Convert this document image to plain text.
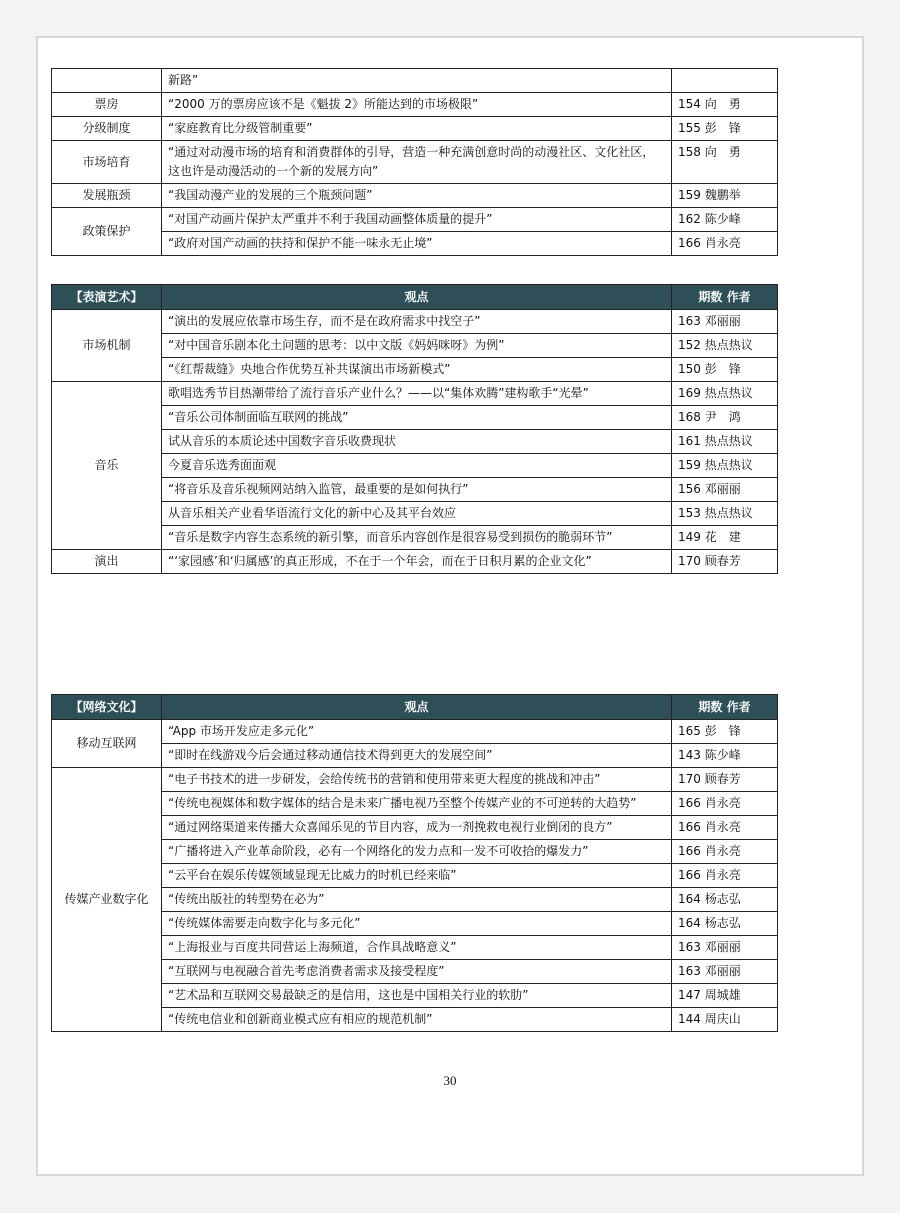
	新路”	
票房	“2000 万的票房应该不是《魁拔 2》所能达到的市场极限”	154 向　勇
分级制度	“家庭教育比分级管制重要”	155 彭　锋
市场培育	“通过对动漫市场的培育和消费群体的引导，营造一种充满创意时尚的动漫社区、文化社区，这也许是动漫活动的一个新的发展方向”	158 向　勇
发展瓶颈	“我国动漫产业的发展的三个瓶颈问题”	159 魏鹏举
政策保护	“对国产动画片保护太严重并不利于我国动画整体质量的提升”	162 陈少峰
	“政府对国产动画的扶持和保护不能一味永无止境”	166 肖永亮
【表演艺术】	观点	期数 作者
市场机制	“演出的发展应依靠市场生存，而不是在政府需求中找空子”	163 邓丽丽
	“对中国音乐剧本化土问题的思考：以中文版《妈妈咪呀》为例”	152 热点热议
	“《红帮裁缝》央地合作优势互补共谋演出市场新模式”	150 彭　锋
音乐	歌唱选秀节目热潮带给了流行音乐产业什么？——以“集体欢腾”建构歌手“光晕”	169 热点热议
	“音乐公司体制面临互联网的挑战”	168 尹　鸿
	试从音乐的本质论述中国数字音乐收费现状	161 热点热议
	今夏音乐选秀面面观	159 热点热议
	“将音乐及音乐视频网站纳入监管，最重要的是如何执行”	156 邓丽丽
	从音乐相关产业看华语流行文化的新中心及其平台效应	153 热点热议
	“音乐是数字内容生态系统的新引擎，而音乐内容创作是很容易受到损伤的脆弱环节”	149 花　建
演出	“‘家园感’和‘归属感’的真正形成，不在于一个年会，而在于日积月累的企业文化”	170 顾春芳
【网络文化】	观点	期数 作者
移动互联网	“App 市场开发应走多元化”	165 彭　锋
	“即时在线游戏今后会通过移动通信技术得到更大的发展空间”	143 陈少峰
传媒产业数字化	“电子书技术的进一步研发，会给传统书的营销和使用带来更大程度的挑战和冲击”	170 顾春芳
	“传统电视媒体和数字媒体的结合是未来广播电视乃至整个传媒产业的不可逆转的大趋势”	166 肖永亮
	“通过网络渠道来传播大众喜闻乐见的节目内容，成为一剂挽救电视行业倒闭的良方”	166 肖永亮
	“广播将进入产业革命阶段，必有一个网络化的发力点和一发不可收拾的爆发力”	166 肖永亮
	“云平台在娱乐传媒领域显现无比威力的时机已经来临”	166 肖永亮
	“传统出版社的转型势在必为”	164 杨志弘
	“传统媒体需要走向数字化与多元化”	164 杨志弘
	“上海报业与百度共同营运上海频道，合作具战略意义”	163 邓丽丽
	“互联网与电视融合首先考虑消费者需求及接受程度”	163 邓丽丽
	“艺术品和互联网交易最缺乏的是信用，这也是中国相关行业的软肋”	147 周城雄
	“传统电信业和创新商业模式应有相应的规范机制”	144 周庆山
30
